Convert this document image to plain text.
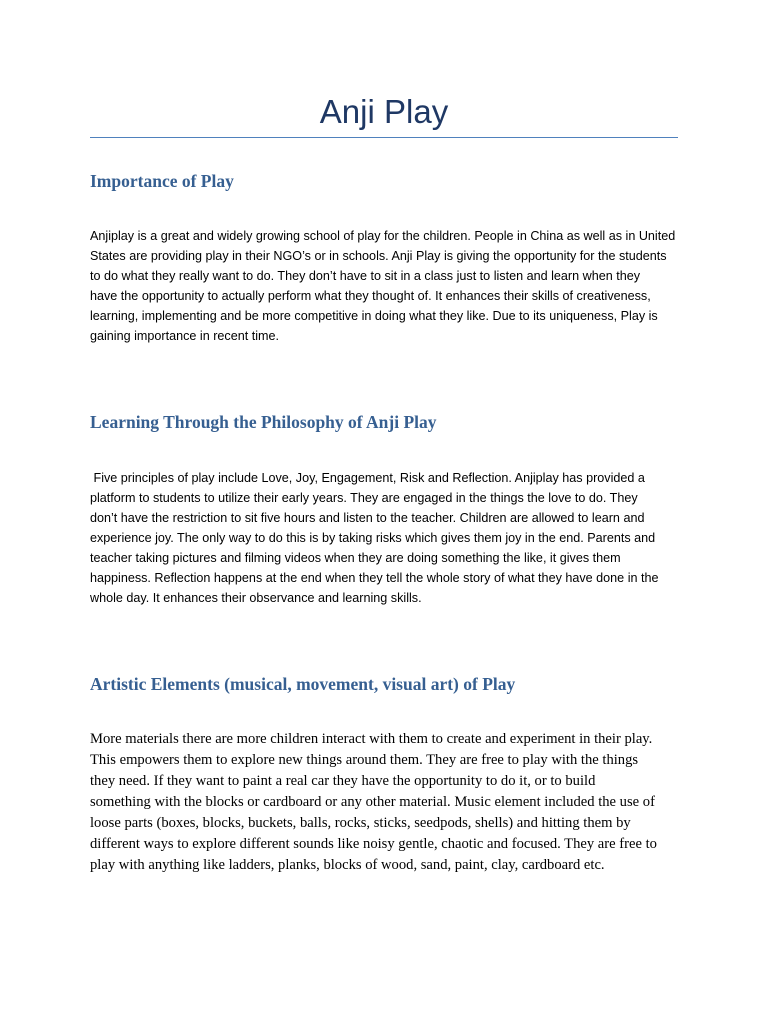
Anji Play
Importance of Play
Anjiplay is a great and widely growing school of play for the children. People in China as well as in United
States are providing play in their NGO’s or in schools. Anji Play is giving the opportunity for the students
to do what they really want to do. They don’t have to sit in a class just to listen and learn when they
have the opportunity to actually perform what they thought of. It enhances their skills of creativeness,
learning, implementing and be more competitive in doing what they like. Due to its uniqueness, Play is
gaining importance in recent time.
Learning Through the Philosophy of Anji Play
Five principles of play include Love, Joy, Engagement, Risk and Reflection. Anjiplay has provided a
platform to students to utilize their early years. They are engaged in the things the love to do. They
don’t have the restriction to sit five hours and listen to the teacher. Children are allowed to learn and
experience joy. The only way to do this is by taking risks which gives them joy in the end. Parents and
teacher taking pictures and filming videos when they are doing something the like, it gives them
happiness. Reflection happens at the end when they tell the whole story of what they have done in the
whole day. It enhances their observance and learning skills.
Artistic Elements (musical, movement, visual art) of Play
More materials there are more children interact with them to create and experiment in their play.
This empowers them to explore new things around them. They are free to play with the things
they need. If they want to paint a real car they have the opportunity to do it, or to build
something with the blocks or cardboard or any other material. Music element included the use of
loose parts (boxes, blocks, buckets, balls, rocks, sticks, seedpods, shells) and hitting them by
different ways to explore different sounds like noisy gentle, chaotic and focused. They are free to
play with anything like ladders, planks, blocks of wood, sand, paint, clay, cardboard etc.
